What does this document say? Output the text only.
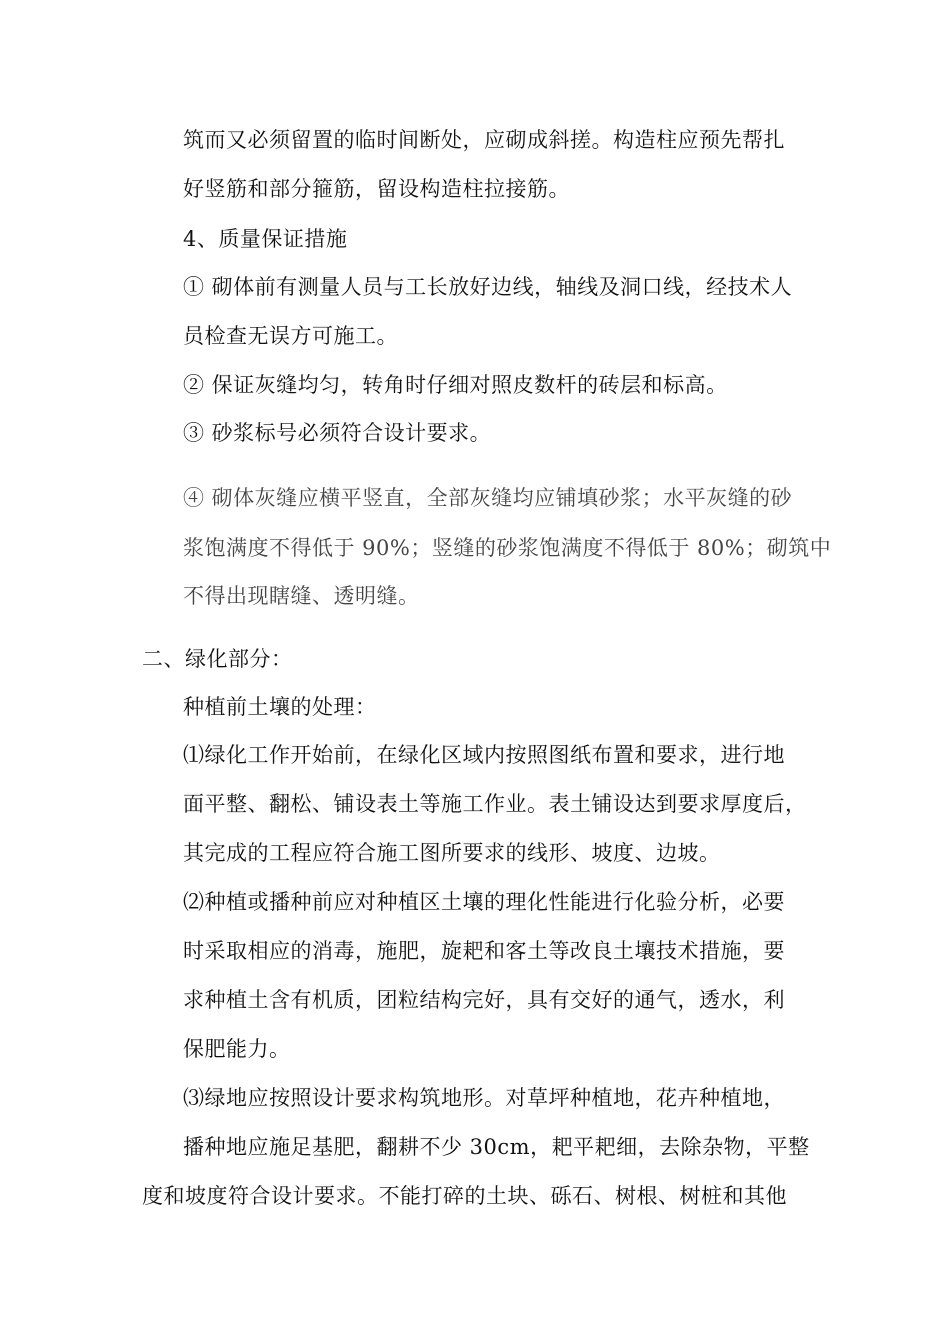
筑而又必须留置的临时间断处，应砌成斜搓。构造柱应预先帮扎
好竖筋和部分箍筋，留设构造柱拉接筋。
4、质量保证措施
① 砌体前有测量人员与工长放好边线，轴线及洞口线，经技术人
员检查无误方可施工。
② 保证灰缝均匀，转角时仔细对照皮数杆的砖层和标高。
③ 砂浆标号必须符合设计要求。
④ 砌体灰缝应横平竖直，全部灰缝均应铺填砂浆；水平灰缝的砂
浆饱满度不得低于 90%；竖缝的砂浆饱满度不得低于 80%；砌筑中
不得出现瞎缝、透明缝。
二、绿化部分：
种植前土壤的处理：
⑴绿化工作开始前，在绿化区域内按照图纸布置和要求，进行地
面平整、翻松、铺设表土等施工作业。表土铺设达到要求厚度后，
其完成的工程应符合施工图所要求的线形、坡度、边坡。
⑵种植或播种前应对种植区土壤的理化性能进行化验分析，必要
时采取相应的消毒，施肥，旋耙和客土等改良土壤技术措施，要
求种植土含有机质，团粒结构完好，具有交好的通气，透水，利
保肥能力。
⑶绿地应按照设计要求构筑地形。对草坪种植地，花卉种植地，
播种地应施足基肥，翻耕不少 30cm，耙平耙细，去除杂物，平整
度和坡度符合设计要求。不能打碎的土块、砾石、树根、树桩和其他
